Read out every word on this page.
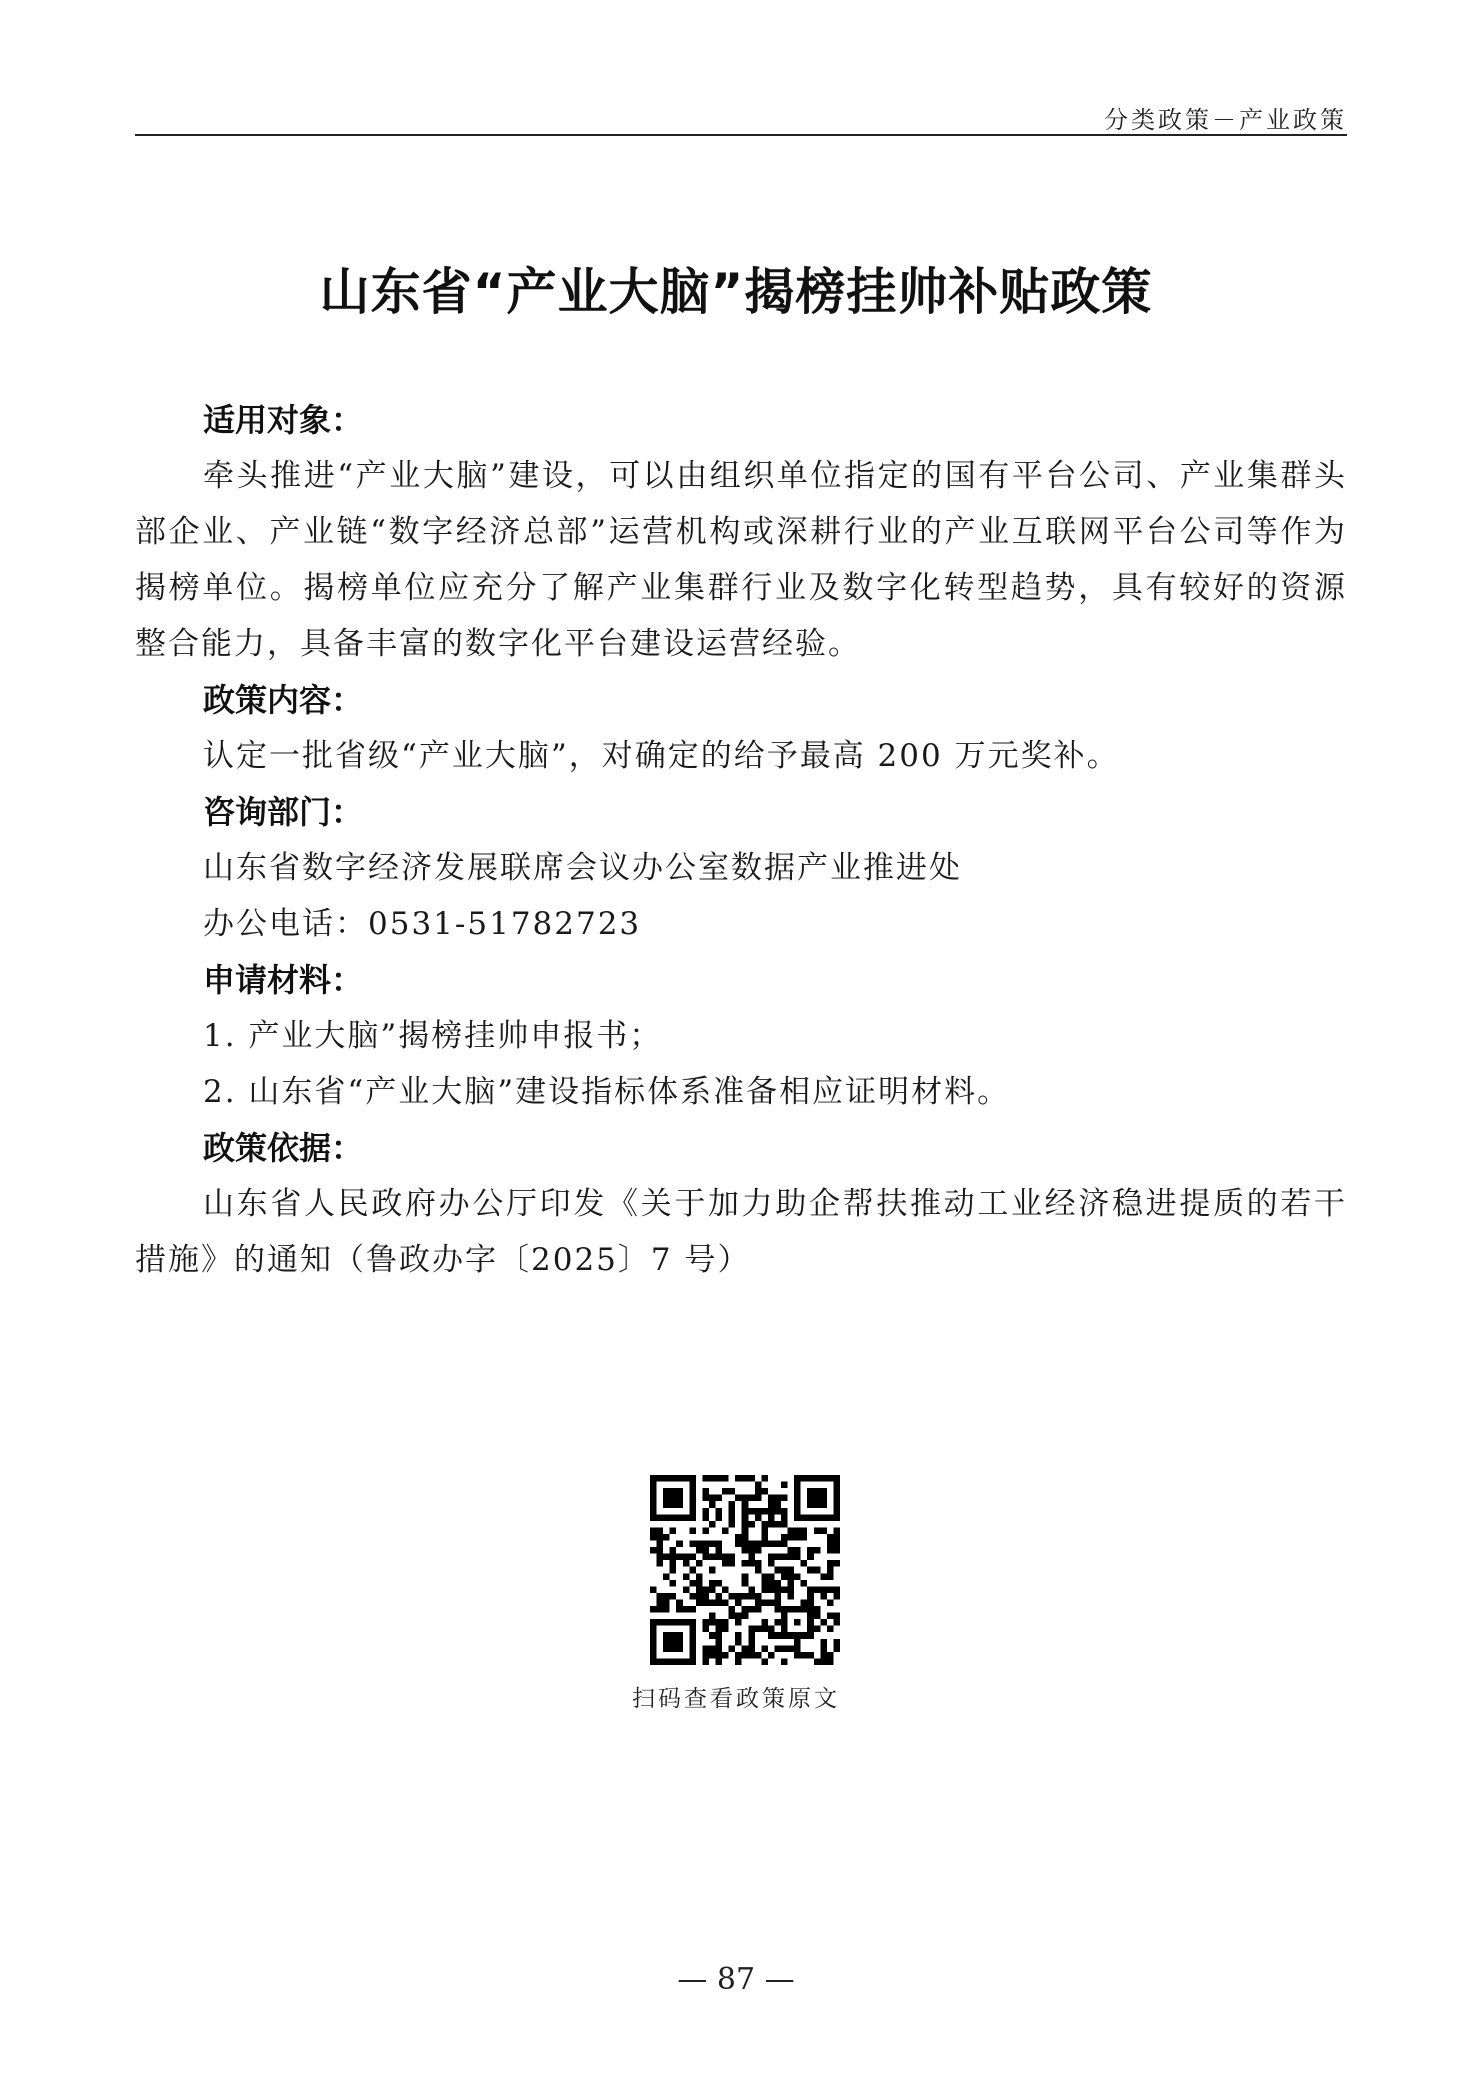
分类政策－产业政策
山东省“产业大脑”揭榜挂帅补贴政策
适用对象：

牵头推进“产业大脑”建设，可以由组织单位指定的国有平台公司、产业集群头部企业、产业链“数字经济总部”运营机构或深耕行业的产业互联网平台公司等作为揭榜单位。揭榜单位应充分了解产业集群行业及数字化转型趋势，具有较好的资源整合能力，具备丰富的数字化平台建设运营经验。

政策内容：

认定一批省级“产业大脑”，对确定的给予最高 200 万元奖补。

咨询部门：

山东省数字经济发展联席会议办公室数据产业推进处

办公电话：0531-51782723

申请材料：

1. 产业大脑”揭榜挂帅申报书；

2. 山东省“产业大脑”建设指标体系准备相应证明材料。

政策依据：

山东省人民政府办公厅印发《关于加力助企帮扶推动工业经济稳进提质的若干措施》的通知（鲁政办字〔2025〕7 号）

扫码查看政策原文
— 87 —
